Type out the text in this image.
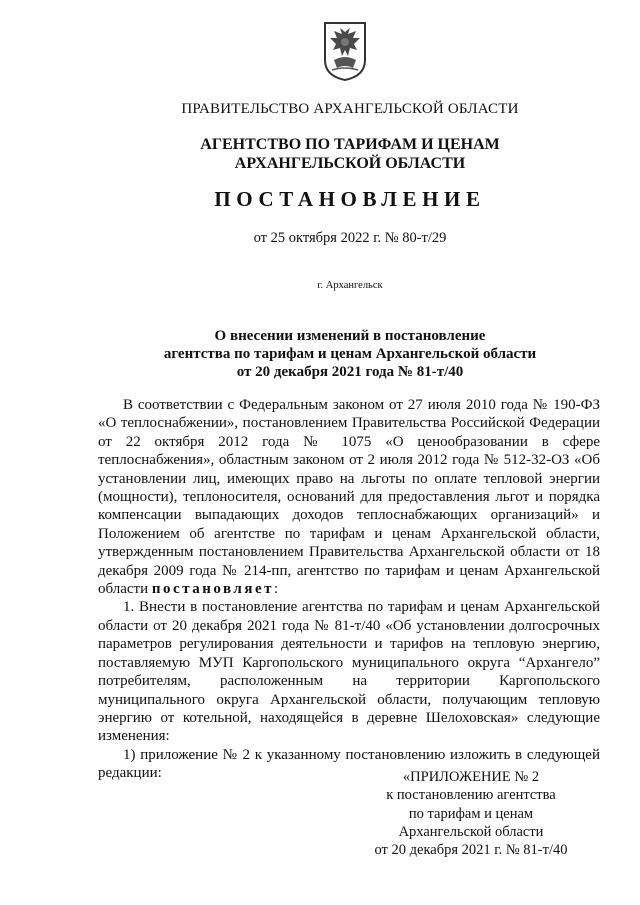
ПРАВИТЕЛЬСТВО АРХАНГЕЛЬСКОЙ ОБЛАСТИ
АГЕНТСТВО ПО ТАРИФАМ И ЦЕНАМ
АРХАНГЕЛЬСКОЙ ОБЛАСТИ
ПОСТАНОВЛЕНИЕ
от 25 октября 2022 г. № 80-т/29
г. Архангельск
О внесении изменений в постановление
агентства по тарифам и ценам Архангельской области
от 20 декабря 2021 года № 81-т/40

В соответствии с Федеральным законом от 27 июля 2010 года № 190-ФЗ «О теплоснабжении», постановлением Правительства Российской Федерации от 22 октября 2012 года № 1075 «О ценообразовании в сфере теплоснабжения», областным законом от 2 июля 2012 года № 512-32-ОЗ «Об установлении лиц, имеющих право на льготы по оплате тепловой энергии (мощности), теплоносителя, оснований для предоставления льгот и порядка компенсации выпадающих доходов теплоснабжающих организаций» и Положением об агентстве по тарифам и ценам Архангельской области, утвержденным постановлением Правительства Архангельской области от 18 декабря 2009 года № 214-пп, агентство по тарифам и ценам Архангельской области постановляет:

1. Внести в постановление агентства по тарифам и ценам Архангельской области от 20 декабря 2021 года № 81-т/40 «Об установлении долгосрочных параметров регулирования деятельности и тарифов на тепловую энергию, поставляемую МУП Каргопольского муниципального округа “Архангело” потребителям, расположенным на территории Каргопольского муниципального округа Архангельской области, получающим тепловую энергию от котельной, находящейся в деревне Шелоховская» следующие изменения:

1) приложение № 2 к указанному постановлению изложить в следующей редакции:	«ПРИЛОЖЕНИЕ № 2
к постановлению агентства
по тарифам и ценам
Архангельской области
от 20 декабря 2021 г. № 81-т/40
